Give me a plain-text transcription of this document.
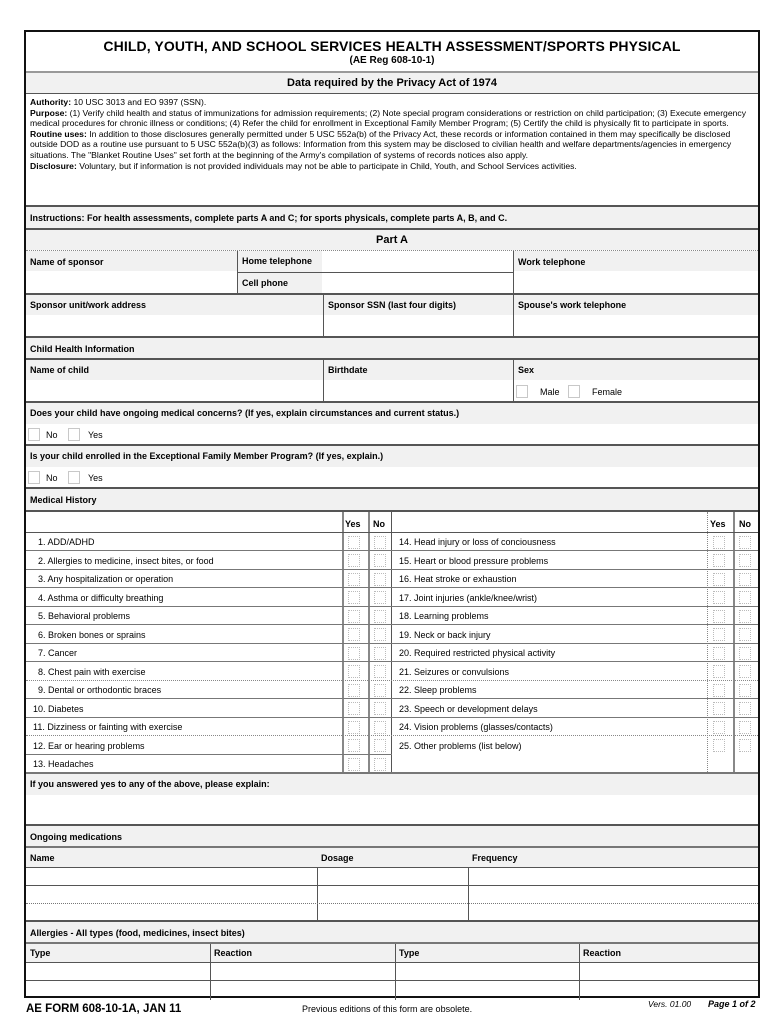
CHILD, YOUTH, AND SCHOOL SERVICES HEALTH ASSESSMENT/SPORTS PHYSICAL
(AE Reg 608-10-1)
Data required by the Privacy Act of 1974
Authority: 10 USC 3013 and EO 9397 (SSN).
Purpose: (1) Verify child health and status of immunizations for admission requirements; (2) Note special program considerations or restriction on child participation; (3) Execute emergency medical procedures for chronic illness or conditions; (4) Refer the child for enrollment in Exceptional Family Member Program; (5) Certify the child is physically fit to participate in sports.
Routine uses: In addition to those disclosures generally permitted under 5 USC 552a(b) of the Privacy Act, these records or information contained in them may specifically be disclosed outside DOD as a routine use pursuant to 5 USC 552a(b)(3) as follows: Information from this system may be disclosed to civilian health and welfare departments/agencies in emergency situations. The "Blanket Routine Uses" set forth at the beginning of the Army's compilation of systems of records notices also apply.
Disclosure: Voluntary, but if information is not provided individuals may not be able to participate in Child, Youth, and School Services activities.
Instructions: For health assessments, complete parts A and C; for sports physicals, complete parts A, B, and C.
Part A
Name of sponsor	Home telephone
Cell phone
Work telephone
Sponsor unit/work address	Sponsor SSN (last four digits)	Spouse's work telephone
Child Health Information
Name of child	Birthdate	Sex
Male	Female
Does your child have ongoing medical concerns? (If yes, explain circumstances and current status.)
No	Yes
Is your child enrolled in the Exceptional Family Member Program? (If yes, explain.)
No	Yes
Medical History
Yes No	Yes No
1. ADD/ADHD
2. Allergies to medicine, insect bites, or food
3. Any hospitalization or operation
4. Asthma or difficulty breathing
5. Behavioral problems
6. Broken bones or sprains
7. Cancer
8. Chest pain with exercise
9. Dental or orthodontic braces
10. Diabetes
11. Dizziness or fainting with exercise
12. Ear or hearing problems
13. Headaches
14. Head injury or loss of conciousness
15. Heart or blood pressure problems
16. Heat stroke or exhaustion
17. Joint injuries (ankle/knee/wrist)
18. Learning problems
19. Neck or back injury
20. Required restricted physical activity
21. Seizures or convulsions
22. Sleep problems
23. Speech or development delays
24. Vision problems (glasses/contacts)
25. Other problems (list below)
If you answered yes to any of the above, please explain:
Ongoing medications
Name	Dosage	Frequency
Allergies - All types (food, medicines, insect bites)
Type	Reaction	Type	Reaction
AE FORM 608-10-1A, JAN 11	Previous editions of this form are obsolete.	Vers. 01.00 Page 1 of 2
